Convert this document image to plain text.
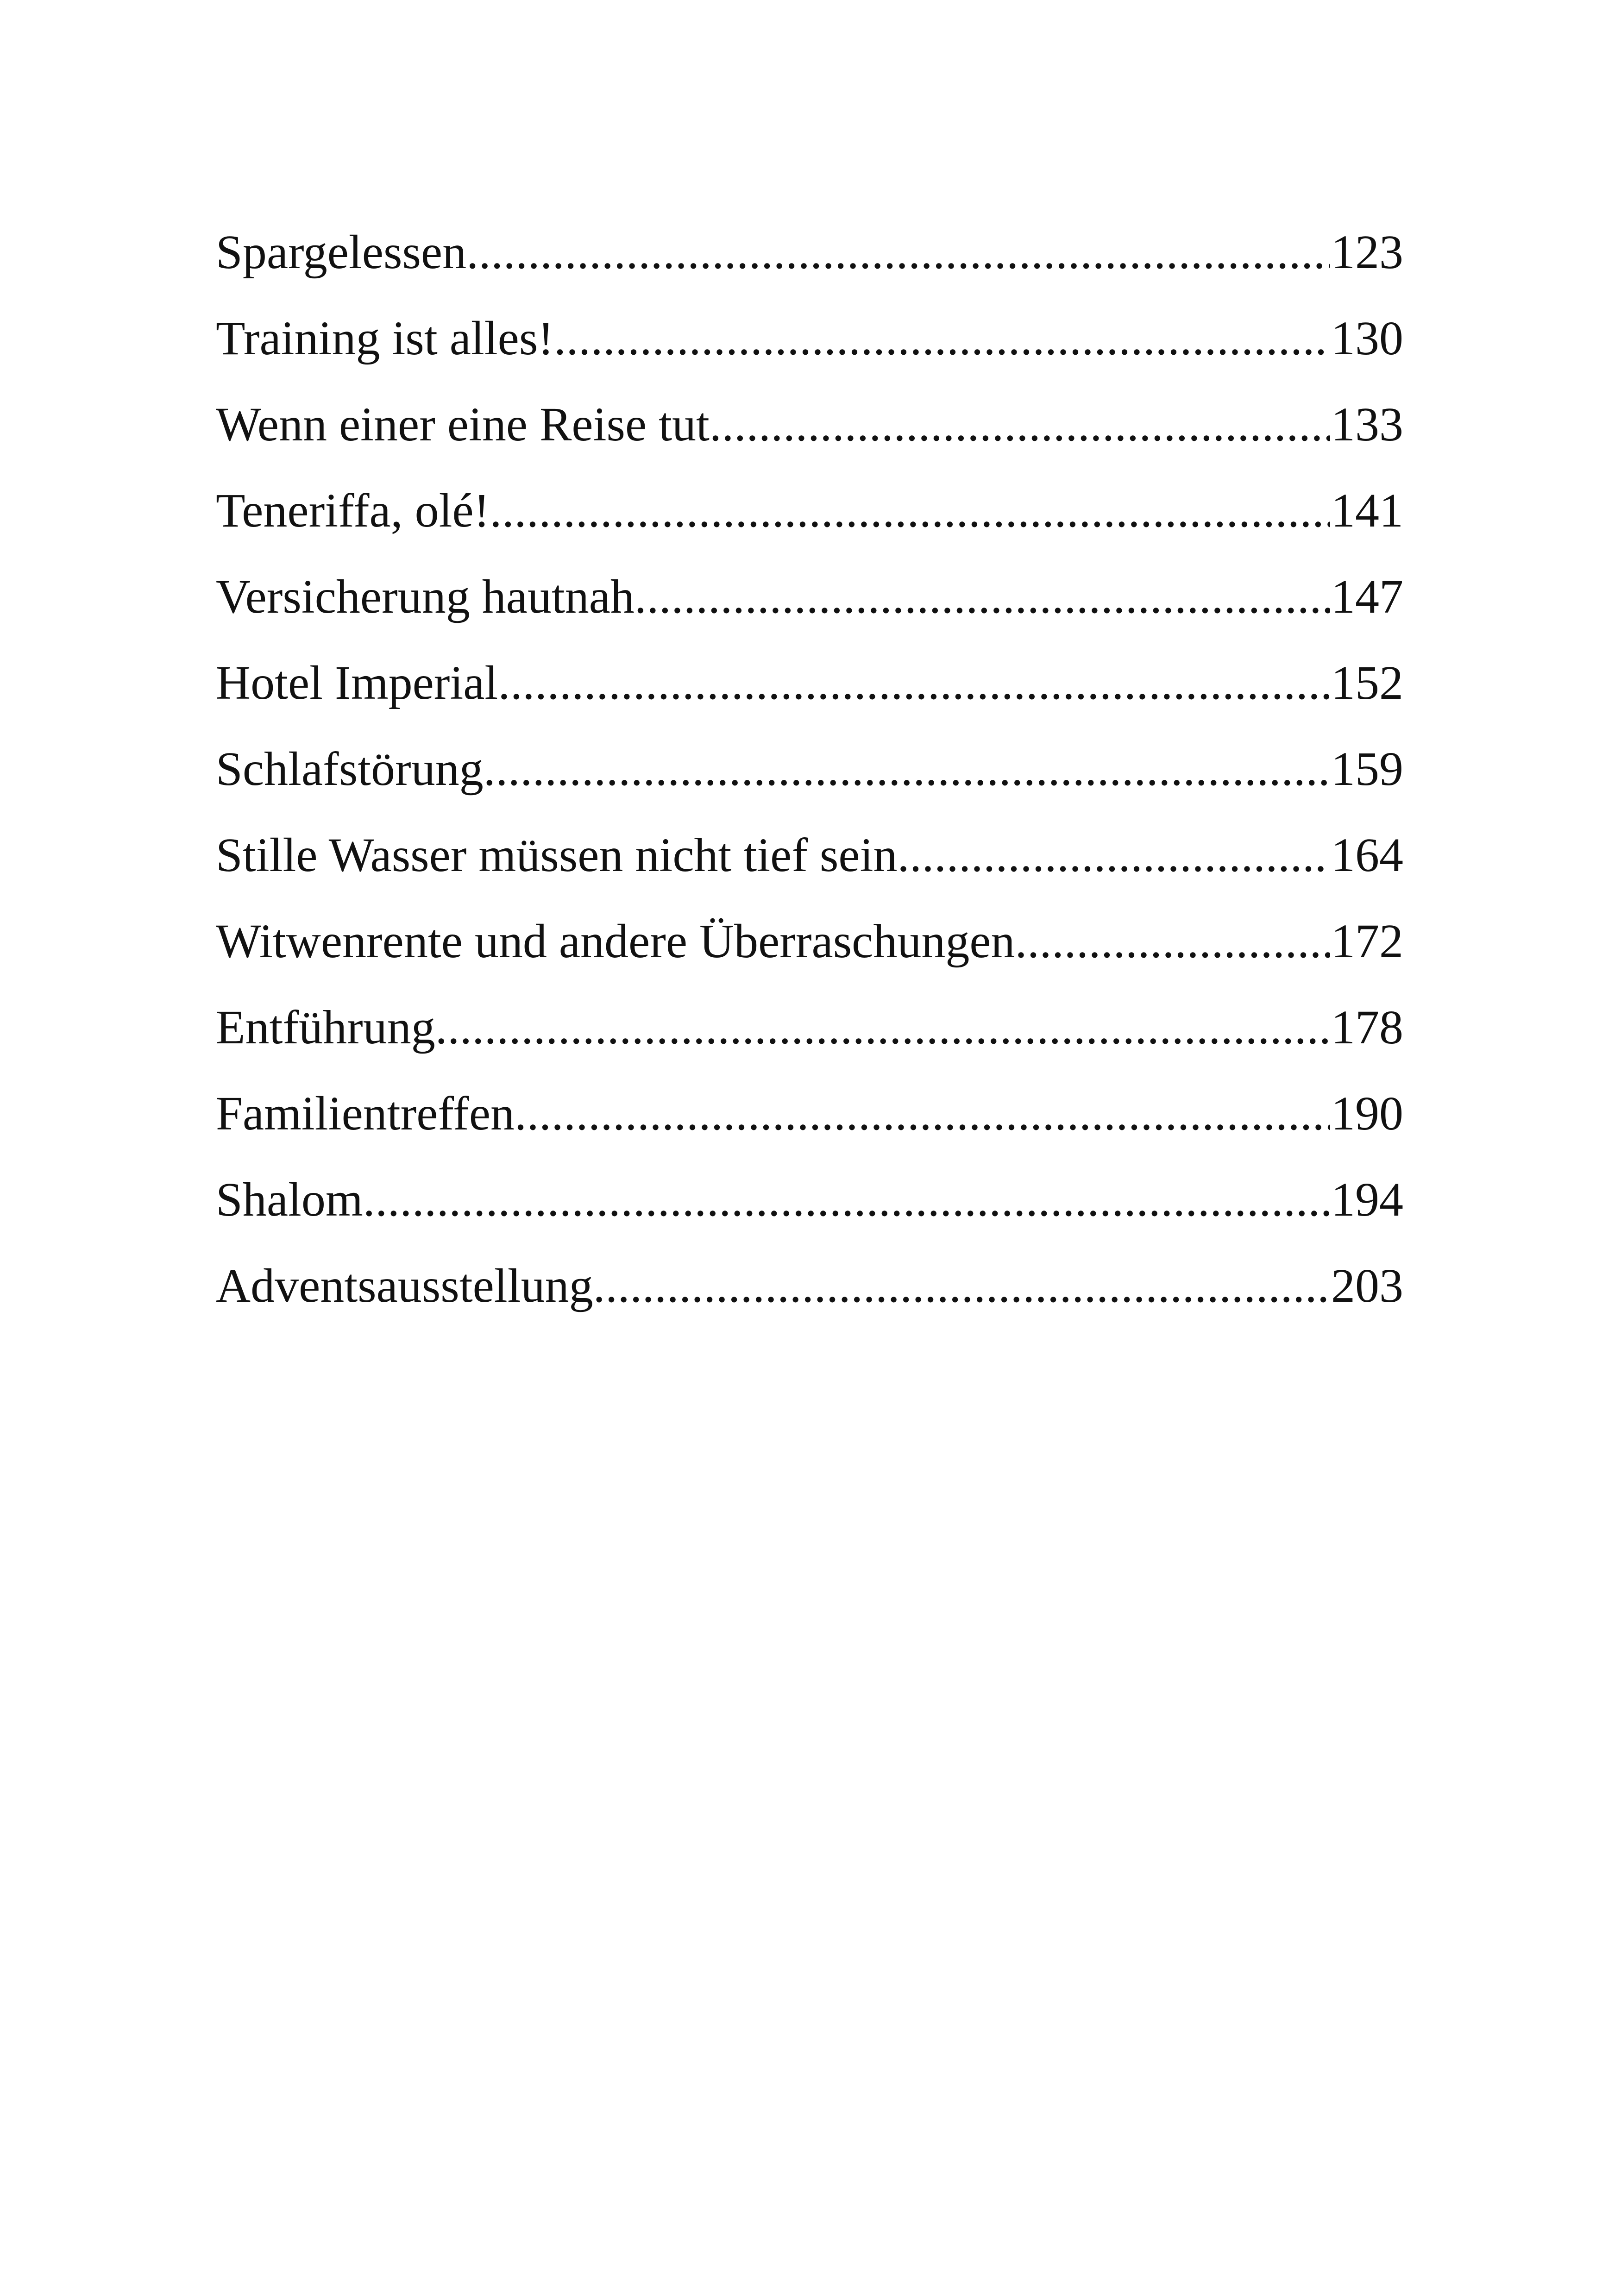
Spargelessen .....	123
Training ist alles! .....	130
Wenn einer eine Reise tut .....	133
Teneriffa, olé! .....	141
Versicherung hautnah .....	147
Hotel Imperial .....	152
Schlafstörung .....	159
Stille Wasser müssen nicht tief sein .....	164
Witwenrente und andere Überraschungen .....	172
Entführung .....	178
Familientreffen .....	190
Shalom .....	194
Adventsausstellung .....	203
